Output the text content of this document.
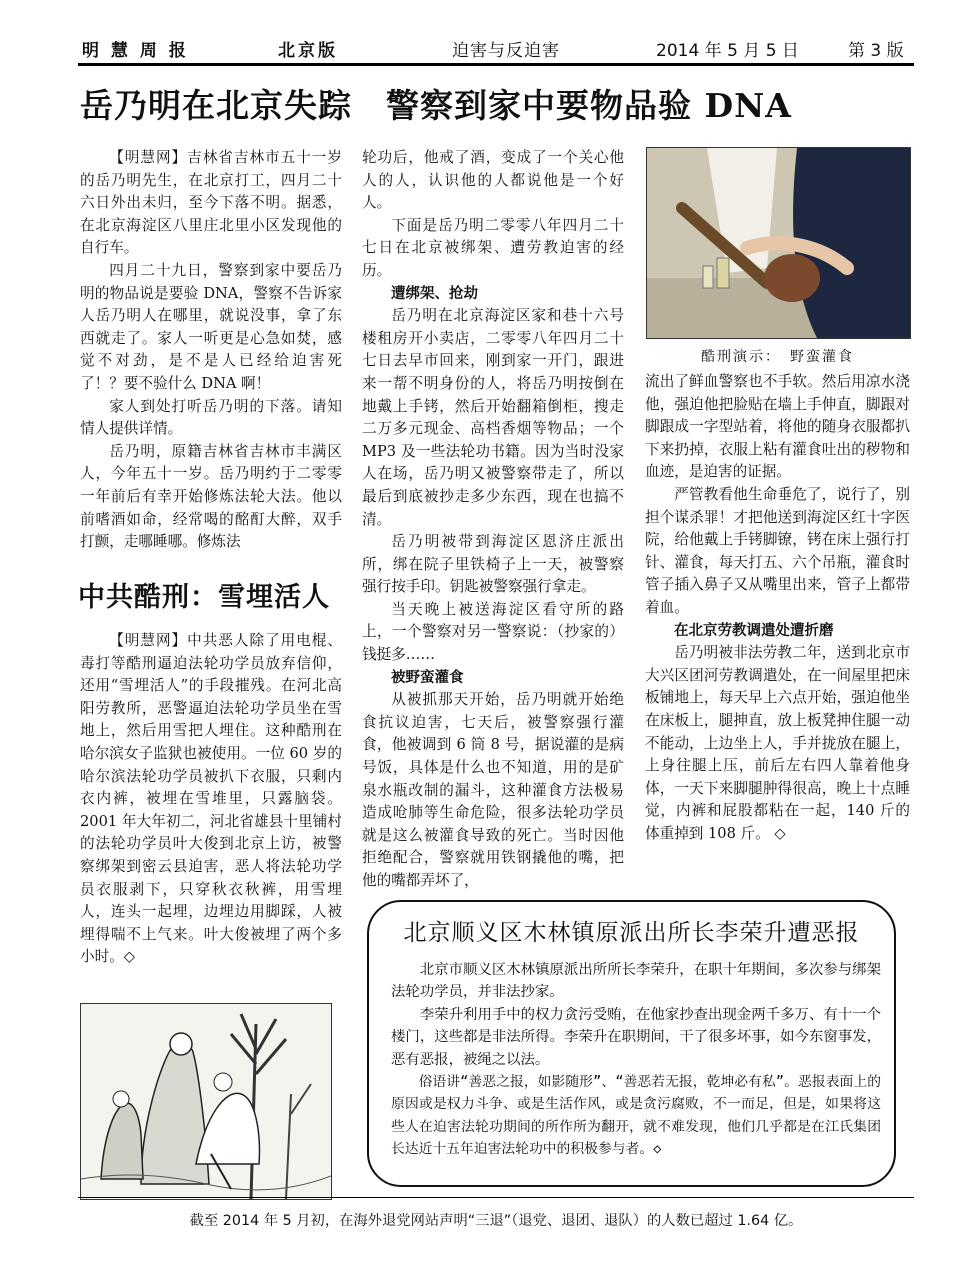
明 慧 周 报	北京版	迫害与反迫害	2014 年 5 月 5 日	第 3 版
岳乃明在北京失踪　警察到家中要物品验 DNA

【明慧网】吉林省吉林市五十一岁的岳乃明先生，在北京打工，四月二十六日外出未归，至今下落不明。据悉，在北京海淀区八里庄北里小区发现他的自行车。

四月二十九日，警察到家中要岳乃明的物品说是要验 DNA，警察不告诉家人岳乃明人在哪里，就说没事，拿了东西就走了。家人一听更是心急如焚，感觉不对劲，是不是人已经给迫害死了！？要不验什么 DNA 啊！

家人到处打听岳乃明的下落。请知情人提供详情。

岳乃明，原籍吉林省吉林市丰满区人，今年五十一岁。岳乃明约于二零零一年前后有幸开始修炼法轮大法。他以前嗜酒如命，经常喝的酩酊大醉，双手打颤，走哪睡哪。修炼法

中共酷刑：雪埋活人

【明慧网】中共恶人除了用电棍、毒打等酷刑逼迫法轮功学员放弃信仰，还用“雪埋活人”的手段摧残。在河北高阳劳教所，恶警逼迫法轮功学员坐在雪地上，然后用雪把人埋住。这种酷刑在哈尔滨女子监狱也被使用。一位 60 岁的哈尔滨法轮功学员被扒下衣服，只剩内衣内裤，被埋在雪堆里，只露脑袋。2001 年大年初二，河北省雄县十里铺村的法轮功学员叶大俊到北京上访，被警察绑架到密云县迫害，恶人将法轮功学员衣服剥下，只穿秋衣秋裤，用雪埋人，连头一起埋，边埋边用脚踩，人被埋得喘不上气来。叶大俊被埋了两个多小时。◇

轮功后，他戒了酒，变成了一个关心他人的人，认识他的人都说他是一个好人。

下面是岳乃明二零零八年四月二十七日在北京被绑架、遭劳教迫害的经历。

遭绑架、抢劫

岳乃明在北京海淀区家和巷十六号楼租房开小卖店，二零零八年四月二十七日去早市回来，刚到家一开门，跟进来一帮不明身份的人，将岳乃明按倒在地戴上手铐，然后开始翻箱倒柜，搜走二万多元现金、高档香烟等物品；一个 MP3 及一些法轮功书籍。因为当时没家人在场，岳乃明又被警察带走了，所以最后到底被抄走多少东西，现在也搞不清。

岳乃明被带到海淀区恩济庄派出所，绑在院子里铁椅子上一天，被警察强行按手印。钥匙被警察强行拿走。

当天晚上被送海淀区看守所的路上，一个警察对另一警察说：（抄家的）钱挺多……

被野蛮灌食

从被抓那天开始，岳乃明就开始绝食抗议迫害，七天后，被警察强行灌食，他被调到 6 筒 8 号，据说灌的是病号饭，具体是什么也不知道，用的是矿泉水瓶改制的漏斗，这种灌食方法极易造成呛肺等生命危险，很多法轮功学员就是这么被灌食导致的死亡。当时因他拒绝配合，警察就用铁钢撬他的嘴，把他的嘴都弄坏了，

酷刑演示：　野蛮灌食

流出了鲜血警察也不手软。然后用凉水浇他，强迫他把脸贴在墙上手伸直，脚跟对脚跟成一字型站着，将他的随身衣服都扒下来扔掉，衣服上粘有灌食吐出的秽物和血迹，是迫害的证据。

严管教看他生命垂危了，说行了，别担个谋杀罪！才把他送到海淀区红十字医院，给他戴上手铐脚镣，铐在床上强行打针、灌食，每天打五、六个吊瓶，灌食时管子插入鼻子又从嘴里出来，管子上都带着血。

在北京劳教调遣处遭折磨

岳乃明被非法劳教二年，送到北京市大兴区团河劳教调遣处，在一间屋里把床板铺地上，每天早上六点开始，强迫他坐在床板上，腿抻直，放上板凳抻住腿一动不能动，上边坐上人，手并拢放在腿上，上身往腿上压，前后左右四人靠着他身体，一天下来脚腿肿得很高，晚上十点睡觉，内裤和屁股都粘在一起，140 斤的体重掉到 108 斤。 ◇

北京顺义区木林镇原派出所长李荣升遭恶报

北京市顺义区木林镇原派出所所长李荣升，在职十年期间，多次参与绑架法轮功学员，并非法抄家。

李荣升利用手中的权力贪污受贿，在他家抄查出现金两千多万、有十一个楼门，这些都是非法所得。李荣升在职期间，干了很多坏事，如今东窗事发，恶有恶报，被绳之以法。

俗语讲“善恶之报，如影随形”、“善恶若无报，乾坤必有私”。恶报表面上的原因或是权力斗争、或是生活作风，或是贪污腐败，不一而足，但是，如果将这些人在迫害法轮功期间的所作所为翻开，就不难发现，他们几乎都是在江氏集团长达近十五年迫害法轮功中的积极参与者。◇

截至 2014 年 5 月初，在海外退党网站声明“三退”（退党、退团、退队）的人数已超过 1.64 亿。
